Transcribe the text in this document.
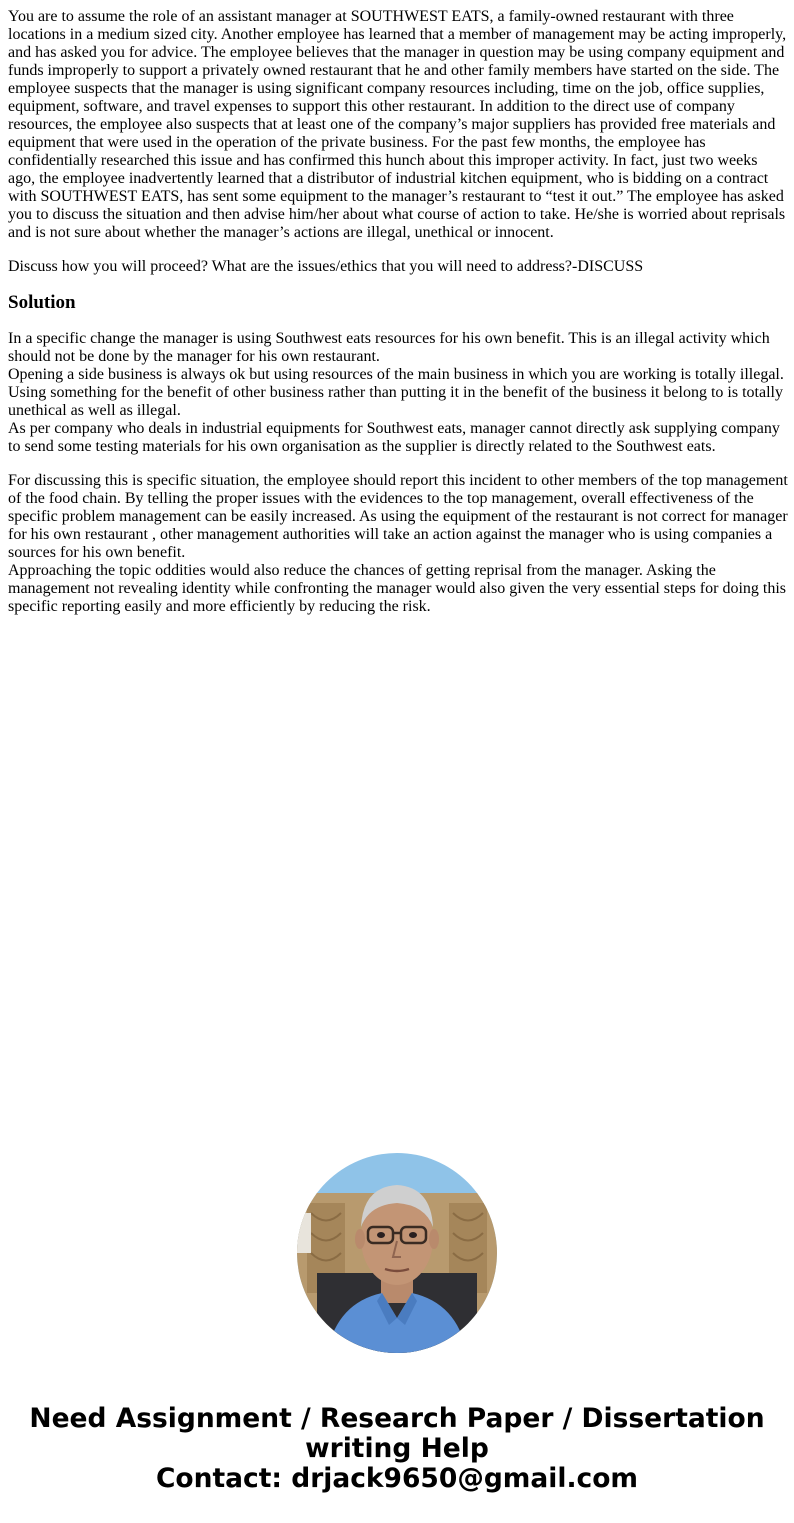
You are to assume the role of an assistant manager at SOUTHWEST EATS, a family-owned restaurant with three locations in a medium sized city. Another employee has learned that a member of management may be acting improperly, and has asked you for advice. The employee believes that the manager in question may be using company equipment and funds improperly to support a privately owned restaurant that he and other family members have started on the side. The employee suspects that the manager is using significant company resources including, time on the job, office supplies, equipment, software, and travel expenses to support this other restaurant. In addition to the direct use of company resources, the employee also suspects that at least one of the company’s major suppliers has provided free materials and equipment that were used in the operation of the private business. For the past few months, the employee has confidentially researched this issue and has confirmed this hunch about this improper activity. In fact, just two weeks ago, the employee inadvertently learned that a distributor of industrial kitchen equipment, who is bidding on a contract with SOUTHWEST EATS, has sent some equipment to the manager’s restaurant to “test it out.” The employee has asked you to discuss the situation and then advise him/her about what course of action to take. He/she is worried about reprisals and is not sure about whether the manager’s actions are illegal, unethical or innocent.

Discuss how you will proceed? What are the issues/ethics that you will need to address?-DISCUSS

Solution

In a specific change the manager is using Southwest eats resources for his own benefit. This is an illegal activity which should not be done by the manager for his own restaurant.
Opening a side business is always ok but using resources of the main business in which you are working is totally illegal. Using something for the benefit of other business rather than putting it in the benefit of the business it belong to is totally unethical as well as illegal.
As per company who deals in industrial equipments for Southwest eats, manager cannot directly ask supplying company to send some testing materials for his own organisation as the supplier is directly related to the Southwest eats.

For discussing this is specific situation, the employee should report this incident to other members of the top management of the food chain. By telling the proper issues with the evidences to the top management, overall effectiveness of the specific problem management can be easily increased. As using the equipment of the restaurant is not correct for manager for his own restaurant , other management authorities will take an action against the manager who is using companies a sources for his own benefit.
Approaching the topic oddities would also reduce the chances of getting reprisal from the manager. Asking the management not revealing identity while confronting the manager would also given the very essential steps for doing this specific reporting easily and more efficiently by reducing the risk.

Need Assignment / Research Paper / Dissertation
writing Help
Contact: drjack9650@gmail.com
